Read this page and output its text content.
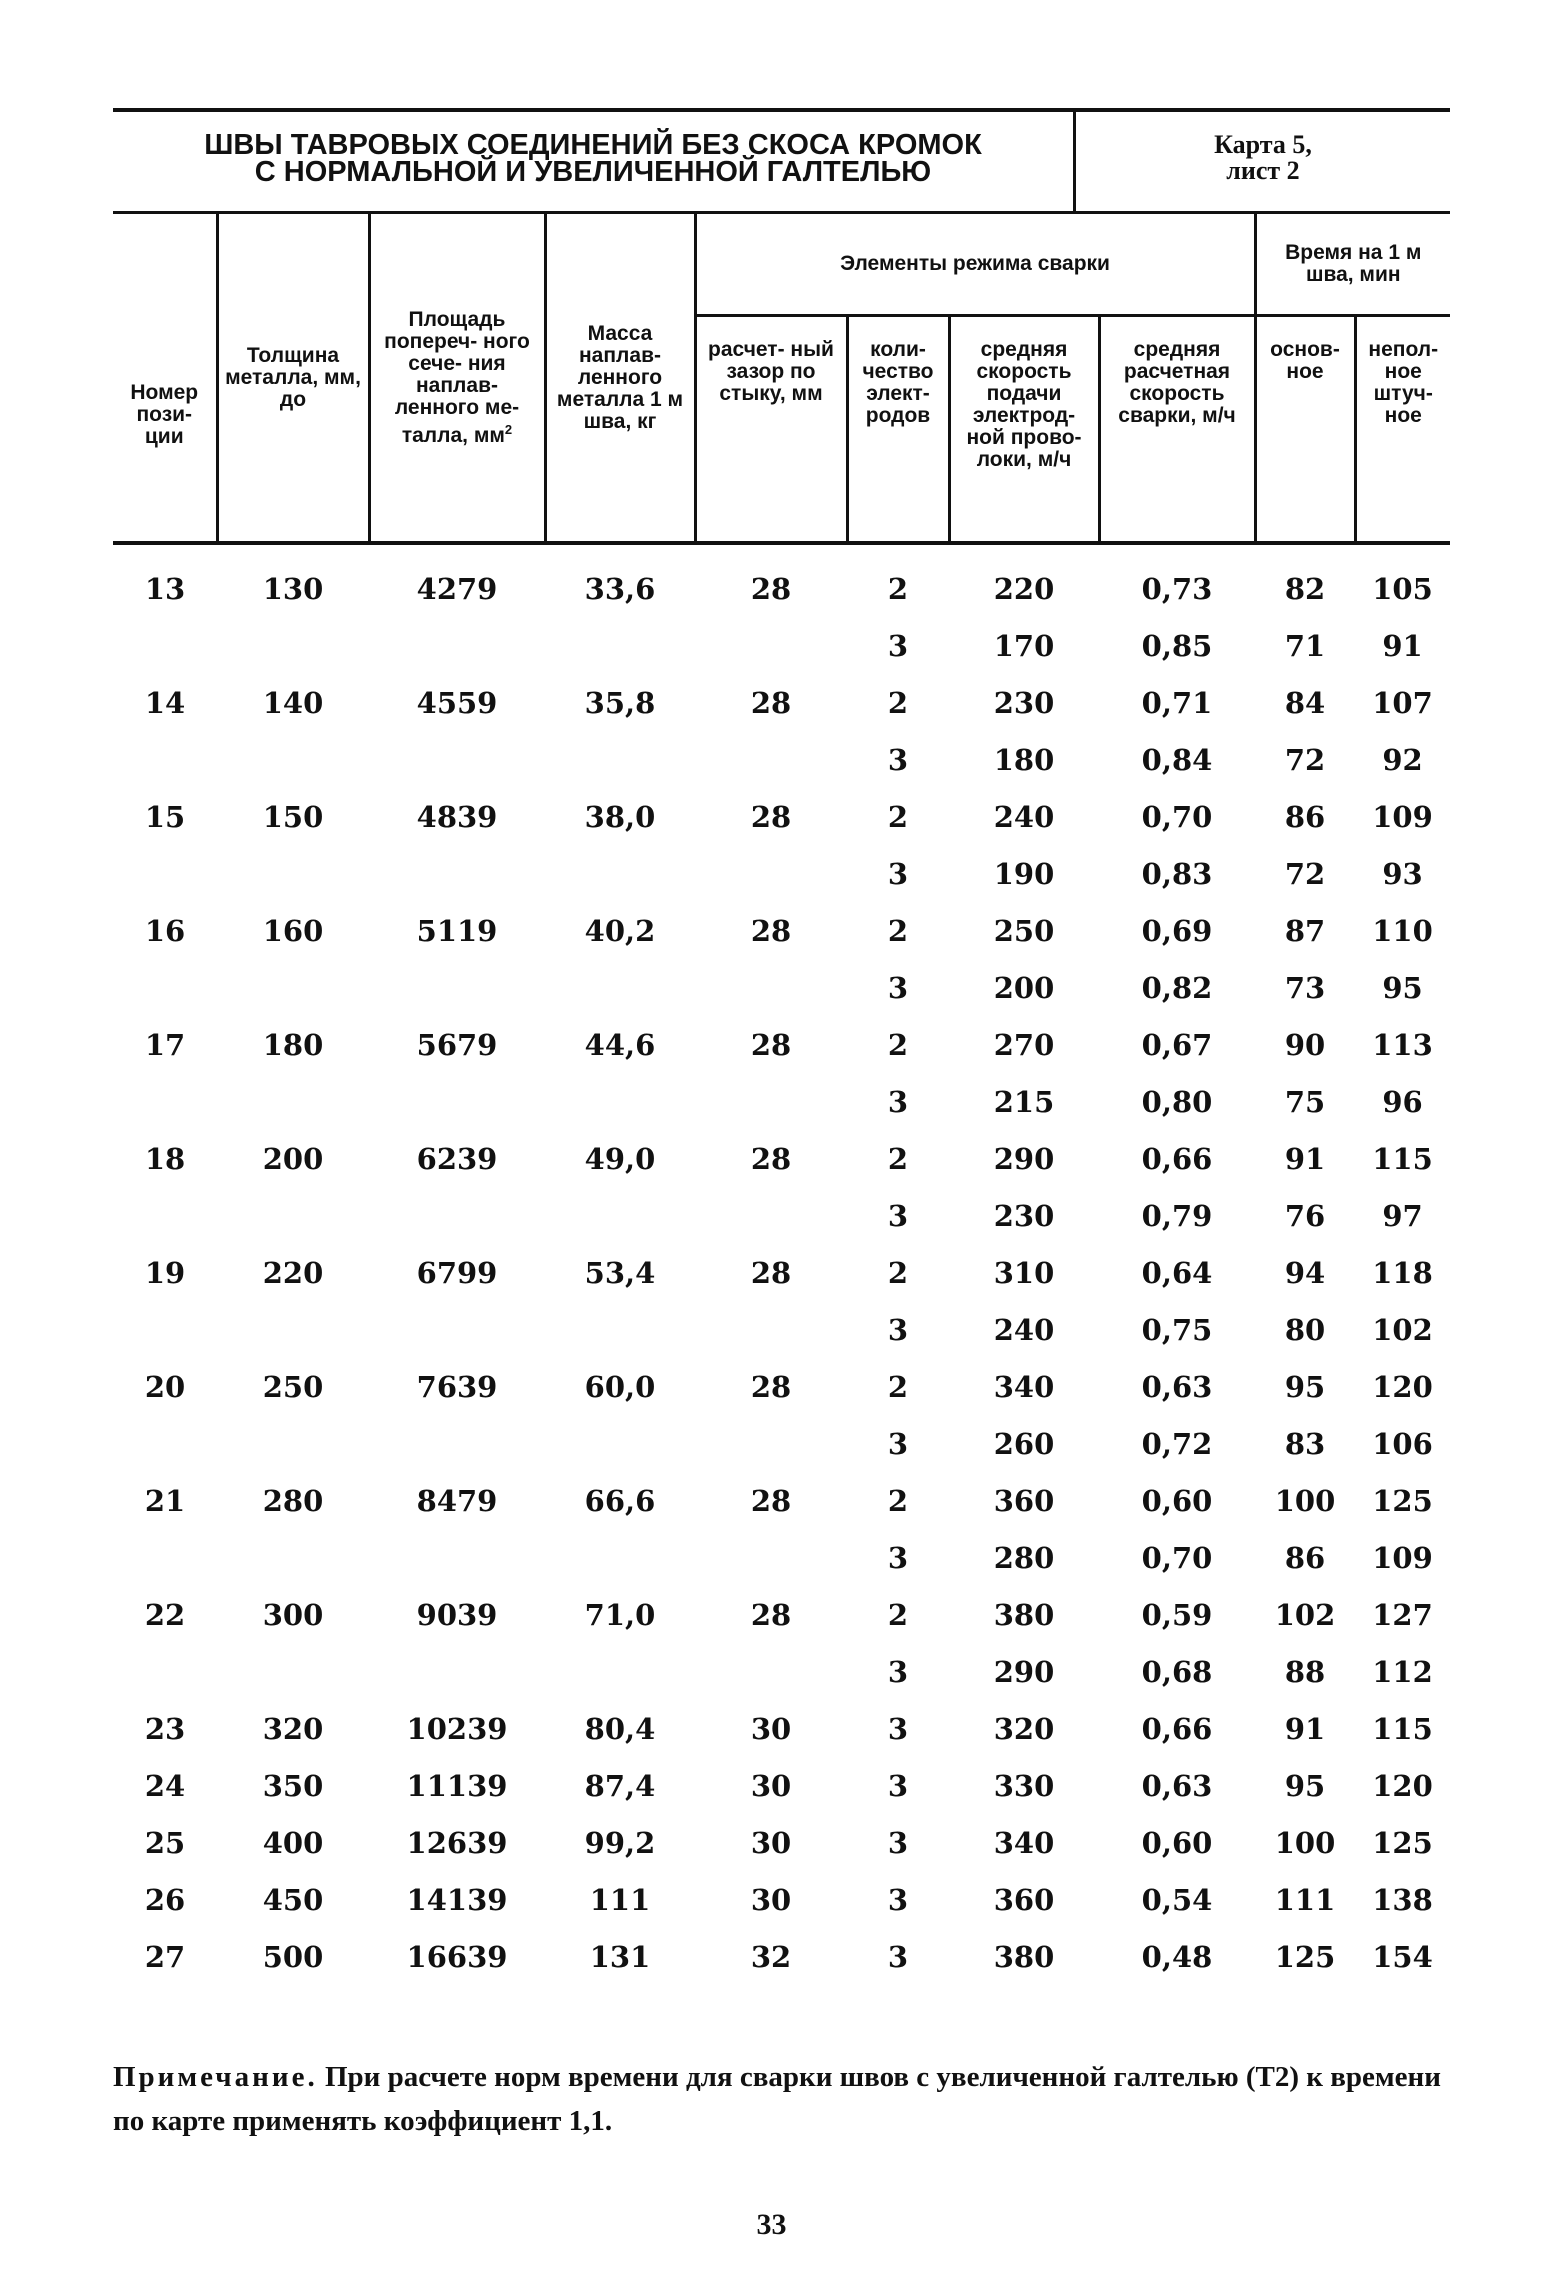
ШВЫ ТАВРОВЫХ СОЕДИНЕНИЙ БЕЗ СКОСА КРОМОК
С НОРМАЛЬНОЙ И УВЕЛИЧЕННОЙ ГАЛТЕЛЬЮ
Карта 5,
лист 2
Номер пози- ции	Толщина металла, мм, до	Площадь попереч- ного сече- ния наплав- ленного ме- талла, $мм^2$	Масса наплав- ленного металла 1 м шва, кг	Элементы режима сварки				Время на 1 м шва, мин	
				расчет- ный зазор по стыку, мм	коли- чество элект- родов	средняя скорость подачи электрод- ной прово- локи, м/ч	средняя расчетная скорость сварки, м/ч	основ- ное	непол- ное штуч- ное
13	130	4279	33,6	28	2	220	0,73	82	105
					3	170	0,85	71	91
14	140	4559	35,8	28	2	230	0,71	84	107
					3	180	0,84	72	92
15	150	4839	38,0	28	2	240	0,70	86	109
					3	190	0,83	72	93
16	160	5119	40,2	28	2	250	0,69	87	110
					3	200	0,82	73	95
17	180	5679	44,6	28	2	270	0,67	90	113
					3	215	0,80	75	96
18	200	6239	49,0	28	2	290	0,66	91	115
					3	230	0,79	76	97
19	220	6799	53,4	28	2	310	0,64	94	118
					3	240	0,75	80	102
20	250	7639	60,0	28	2	340	0,63	95	120
					3	260	0,72	83	106
21	280	8479	66,6	28	2	360	0,60	100	125
					3	280	0,70	86	109
22	300	9039	71,0	28	2	380	0,59	102	127
					3	290	0,68	88	112
23	320	10239	80,4	30	3	320	0,66	91	115
24	350	11139	87,4	30	3	330	0,63	95	120
25	400	12639	99,2	30	3	340	0,60	100	125
26	450	14139	111	30	3	360	0,54	111	138
27	500	16639	131	32	3	380	0,48	125	154
Примечание. При расчете норм времени для сварки швов с увеличенной галтелью (Т2) к времени по карте применять коэффициент 1,1.
33
